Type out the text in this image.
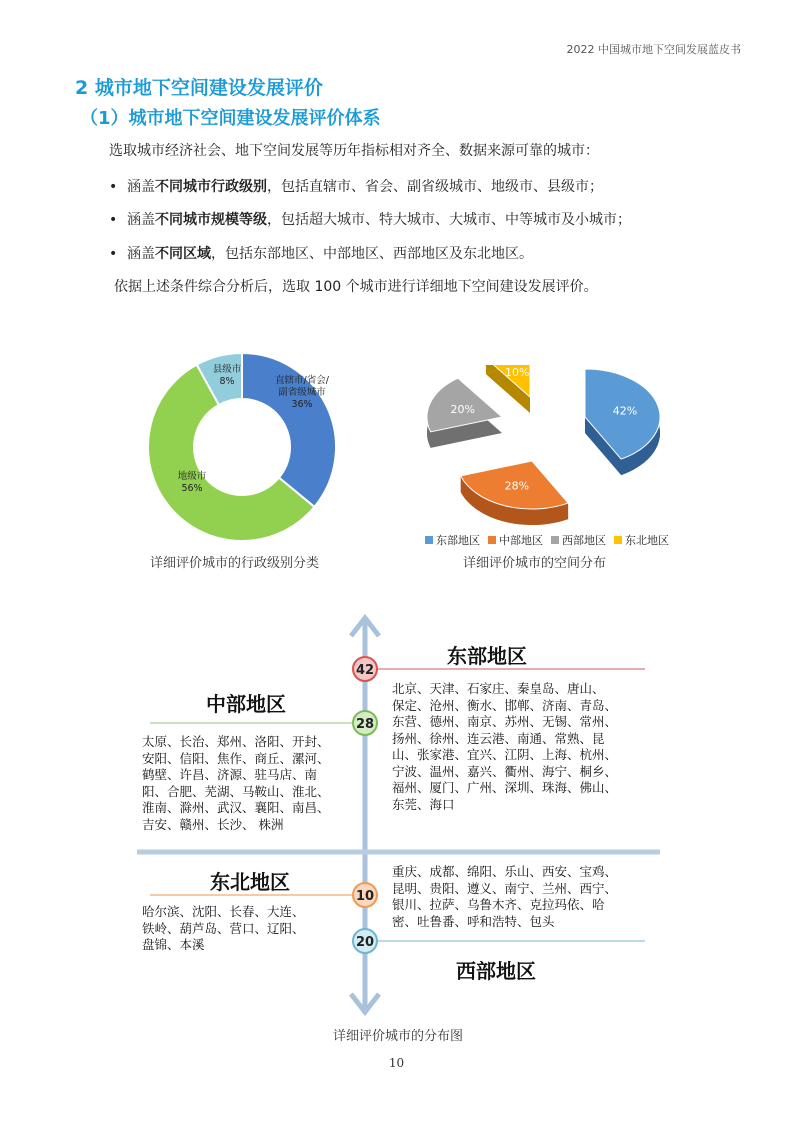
2022 中国城市地下空间发展蓝皮书
2 城市地下空间建设发展评价
（1）城市地下空间建设发展评价体系
选取城市经济社会、地下空间发展等历年指标相对齐全、数据来源可靠的城市：
• 涵盖不同城市行政级别，包括直辖市、省会、副省级城市、地级市、县级市；
• 涵盖不同城市规模等级，包括超大城市、特大城市、大城市、中等城市及小城市；
• 涵盖不同区域，包括东部地区、中部地区、西部地区及东北地区。
依据上述条件综合分析后，选取 100 个城市进行详细地下空间建设发展评价。
直辖市/省会/副省级城市 36%
地级市 56%
县级市 8%
详细评价城市的行政级别分类
42%
28%
20%
10%
东部地区 中部地区 西部地区 东北地区
详细评价城市的空间分布
42
28
10
20
东部地区
中部地区
东北地区
西部地区
北京、天津、石家庄、秦皇岛、唐山、
保定、沧州、衡水、邯郸、济南、青岛、
东营、德州、南京、苏州、无锡、常州、
扬州、徐州、连云港、南通、常熟、昆
山、张家港、宜兴、江阴、上海、杭州、
宁波、温州、嘉兴、衢州、海宁、桐乡、
福州、厦门、广州、深圳、珠海、佛山、
东莞、海口
太原、长治、郑州、洛阳、开封、
安阳、信阳、焦作、商丘、漯河、
鹤壁、许昌、济源、驻马店、南
阳、合肥、芜湖、马鞍山、淮北、
淮南、滁州、武汉、襄阳、南昌、
吉安、赣州、长沙、 株洲
哈尔滨、沈阳、长春、大连、
铁岭、葫芦岛、营口、辽阳、
盘锦、本溪
重庆、成都、绵阳、乐山、西安、宝鸡、
昆明、贵阳、遵义、南宁、兰州、西宁、
银川、拉萨、乌鲁木齐、克拉玛依、哈
密、吐鲁番、呼和浩特、包头
详细评价城市的分布图
10
